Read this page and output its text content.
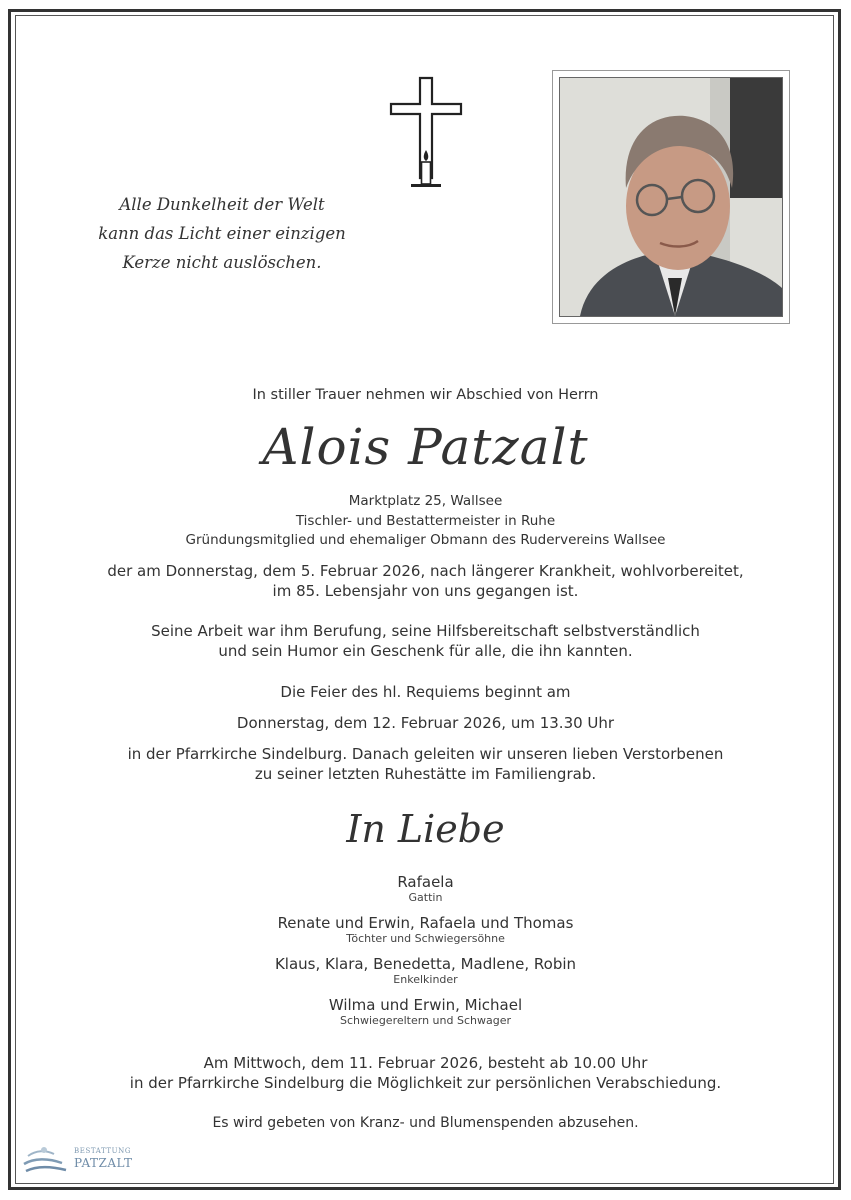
Alle Dunkelheit der Welt
kann das Licht einer einzigen
Kerze nicht auslöschen.
In stiller Trauer nehmen wir Abschied von Herrn
Alois Patzalt
Marktplatz 25, Wallsee
Tischler- und Bestattermeister in Ruhe
Gründungsmitglied und ehemaliger Obmann des Rudervereins Wallsee
der am Donnerstag, dem 5. Februar 2026, nach längerer Krankheit, wohlvorbereitet,
im 85. Lebensjahr von uns gegangen ist.
Seine Arbeit war ihm Berufung, seine Hilfsbereitschaft selbstverständlich
und sein Humor ein Geschenk für alle, die ihn kannten.
Die Feier des hl. Requiems beginnt am
Donnerstag, dem 12. Februar 2026, um 13.30 Uhr
in der Pfarrkirche Sindelburg. Danach geleiten wir unseren lieben Verstorbenen
zu seiner letzten Ruhestätte im Familiengrab.
In Liebe
Rafaela
Gattin
Renate und Erwin, Rafaela und Thomas
Töchter und Schwiegersöhne
Klaus, Klara, Benedetta, Madlene, Robin
Enkelkinder
Wilma und Erwin, Michael
Schwiegereltern und Schwager
Am Mittwoch, dem 11. Februar 2026, besteht ab 10.00 Uhr
in der Pfarrkirche Sindelburg die Möglichkeit zur persönlichen Verabschiedung.
Es wird gebeten von Kranz- und Blumenspenden abzusehen.
BESTATTUNG
PATZALT
